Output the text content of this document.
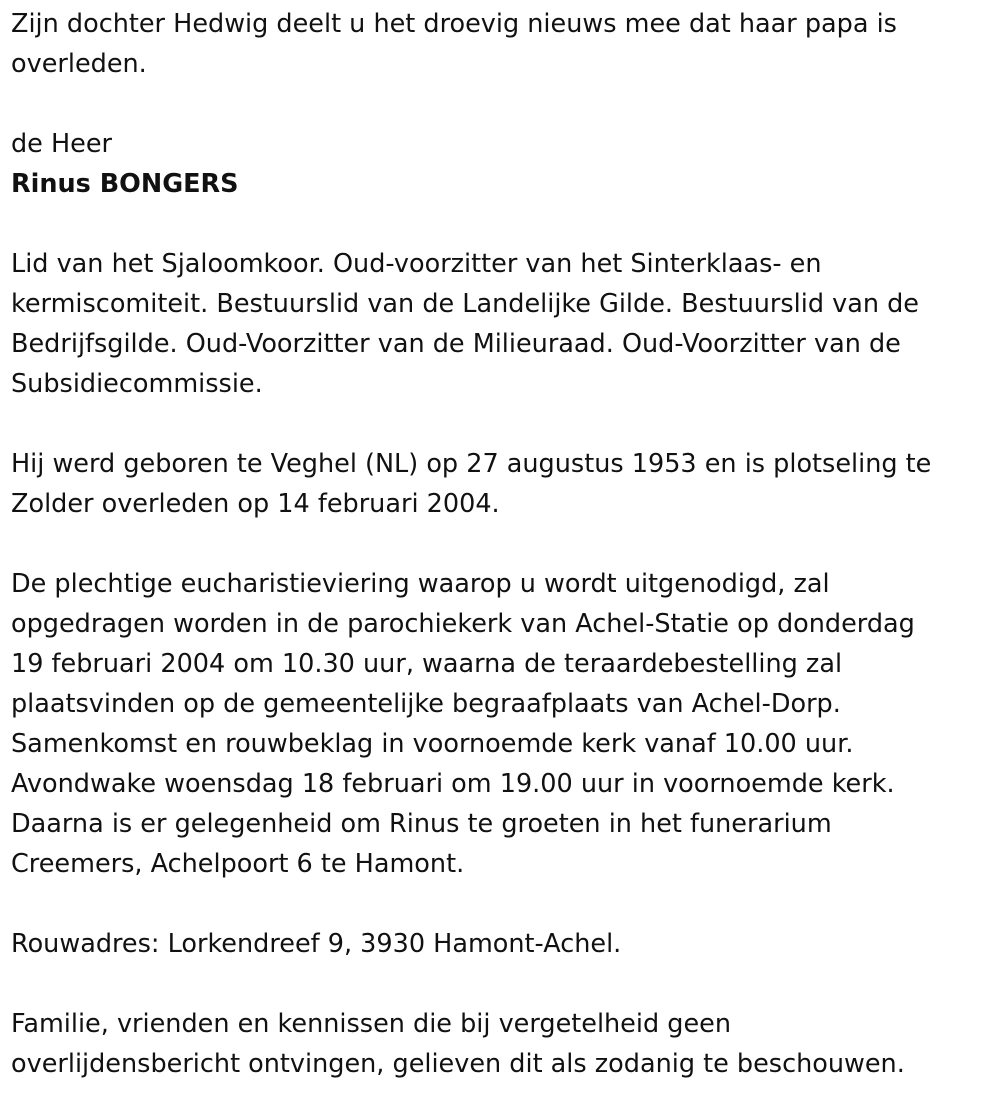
Zijn dochter Hedwig deelt u het droevig nieuws mee dat haar papa is

overleden.

de Heer

Rinus BONGERS

Lid van het Sjaloomkoor. Oud-voorzitter van het Sinterklaas- en

kermiscomiteit. Bestuurslid van de Landelijke Gilde. Bestuurslid van de

Bedrijfsgilde. Oud-Voorzitter van de Milieuraad. Oud-Voorzitter van de

Subsidiecommissie.

Hij werd geboren te Veghel (NL) op 27 augustus 1953 en is plotseling te

Zolder overleden op 14 februari 2004.

De plechtige eucharistieviering waarop u wordt uitgenodigd, zal

opgedragen worden in de parochiekerk van Achel-Statie op donderdag

19 februari 2004 om 10.30 uur, waarna de teraardebestelling zal

plaatsvinden op de gemeentelijke begraafplaats van Achel-Dorp.

Samenkomst en rouwbeklag in voornoemde kerk vanaf 10.00 uur.

Avondwake woensdag 18 februari om 19.00 uur in voornoemde kerk.

Daarna is er gelegenheid om Rinus te groeten in het funerarium

Creemers, Achelpoort 6 te Hamont.

Rouwadres: Lorkendreef 9, 3930 Hamont-Achel.

Familie, vrienden en kennissen die bij vergetelheid geen

overlijdensbericht ontvingen, gelieven dit als zodanig te beschouwen.
